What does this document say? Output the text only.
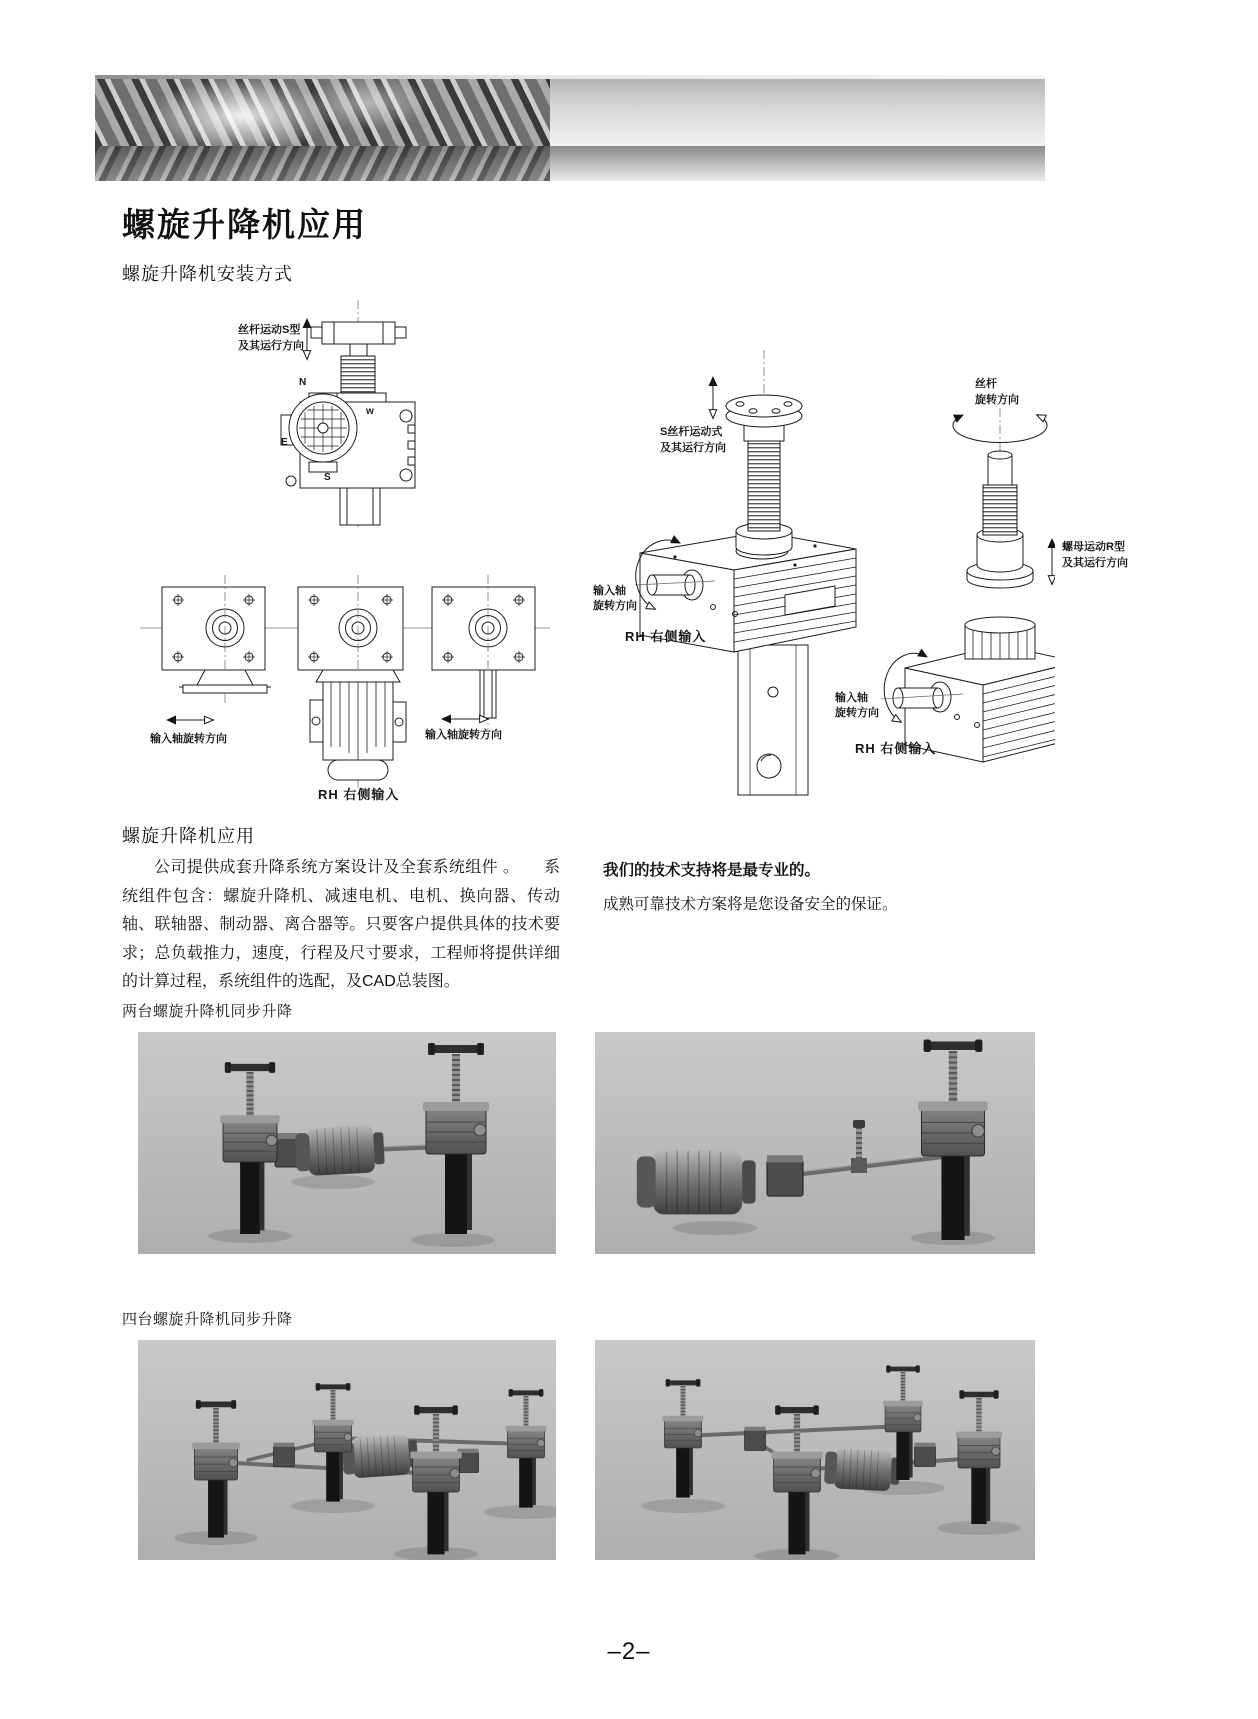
螺旋升降机应用
螺旋升降机安装方式
丝杆运动S型
及其运行方向
N
w
E
S
输入轴旋转方向	输入轴旋转方向
RH 右侧输入
S丝杆运动式
及其运行方向
输入轴
旋转方向
RH 右侧输入
丝杆
旋转方向
螺母运动R型
及其运行方向
输入轴
旋转方向
RH 右侧输入
螺旋升降机应用
公司提供成套升降系统方案设计及全套系统组件 。　　系统组件包含：螺旋升降机、减速电机、电机、换向器、传动轴、联轴器、制动器、离合器等。只要客户提供具体的技术要求；总负载推力，速度，行程及尺寸要求，工程师将提供详细的计算过程，系统组件的选配，及CAD总装图。
我们的技术支持将是最专业的。
成熟可靠技术方案将是您设备安全的保证。
两台螺旋升降机同步升降
四台螺旋升降机同步升降
–2–
